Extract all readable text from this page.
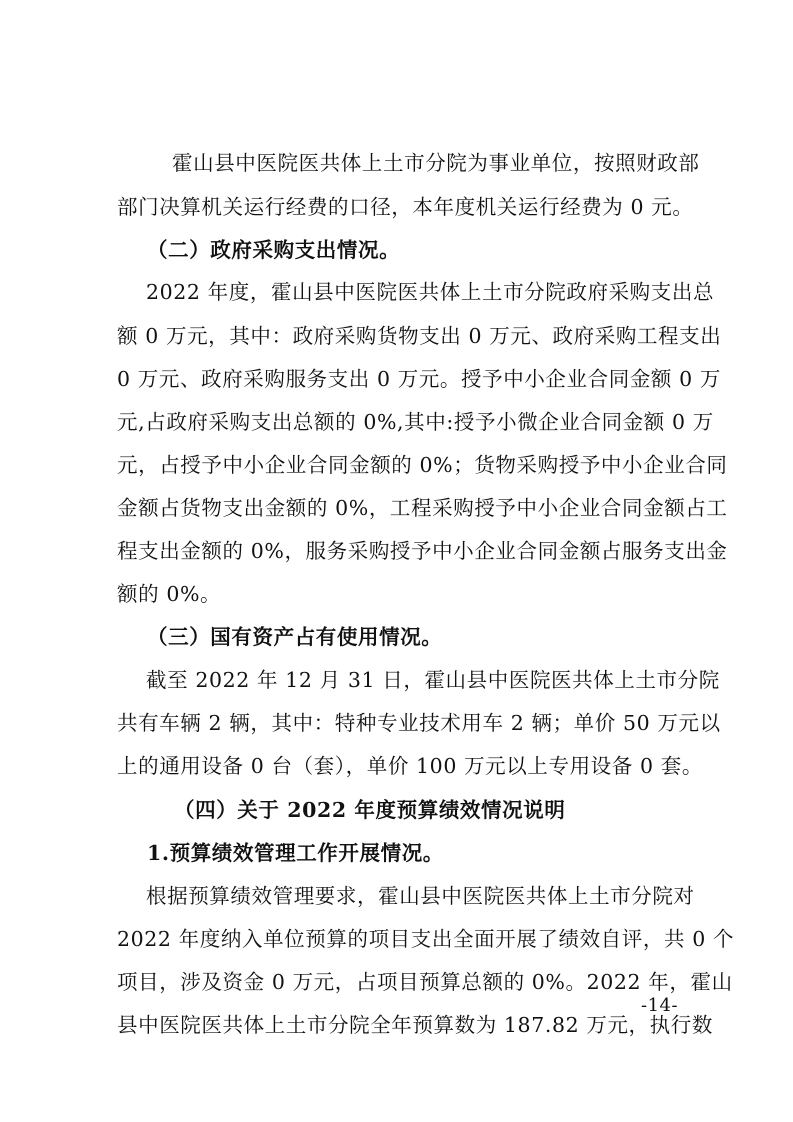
霍山县中医院医共体上土市分院为事业单位，按照财政部
部门决算机关运行经费的口径，本年度机关运行经费为 0 元。
（二）政府采购支出情况。
2022 年度，霍山县中医院医共体上土市分院政府采购支出总
额 0 万元，其中：政府采购货物支出 0 万元、政府采购工程支出
0 万元、政府采购服务支出 0 万元。授予中小企业合同金额 0 万
元,占政府采购支出总额的 0%,其中:授予小微企业合同金额 0 万
元，占授予中小企业合同金额的 0%；货物采购授予中小企业合同
金额占货物支出金额的 0%，工程采购授予中小企业合同金额占工
程支出金额的 0%，服务采购授予中小企业合同金额占服务支出金
额的 0%。
（三）国有资产占有使用情况。
截至 2022 年 12 月 31 日，霍山县中医院医共体上土市分院
共有车辆 2 辆，其中：特种专业技术用车 2 辆；单价 50 万元以
上的通用设备 0 台（套），单价 100 万元以上专用设备 0 套。
（四）关于 2022 年度预算绩效情况说明
1.预算绩效管理工作开展情况。
根据预算绩效管理要求，霍山县中医院医共体上土市分院对
2022 年度纳入单位预算的项目支出全面开展了绩效自评，共 0 个
项目，涉及资金 0 万元，占项目预算总额的 0%。2022 年，霍山
县中医院医共体上土市分院全年预算数为 187.82 万元，执行数
-14-
